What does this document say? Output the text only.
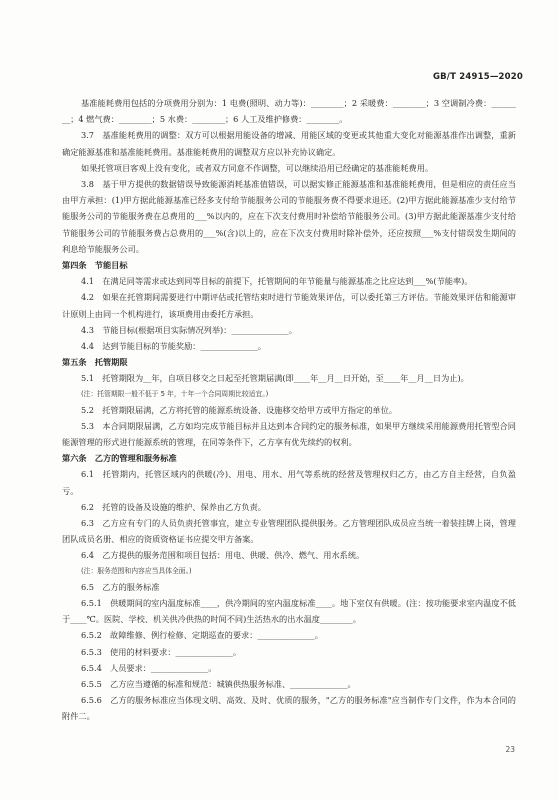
GB/T 24915—2020

基准能耗费用包括的分项费用分别为：1 电费(照明、动力等)：________；2 采暖费：________；3 空调制冷费：________；4 燃气费：________；5 水费：________；6 人工及维护修费：________。

3.7　基准能耗费用的调整：双方可以根据用能设备的增减、用能区域的变更或其他重大变化对能源基准作出调整，重新确定能源基准和基准能耗费用。基准能耗费用的调整双方应以补充协议确定。

如果托管项目客观上没有变化，或者双方同意不作调整，可以继续沿用已经确定的基准能耗费用。

3.8　基于甲方提供的数据错误导致能源消耗基准值错误，可以据实修正能源基准和基准能耗费用，但是相应的责任应当由甲方承担：(1)甲方据此能源基准已经多支付给节能服务公司的节能服务费不得要求退还。(2)甲方据此能源基准少支付给节能服务公司的节能服务费在总费用的___%以内的，应在下次支付费用时补偿给节能服务公司。(3)甲方据此能源基准少支付给节能服务公司的节能服务费占总费用的___%(含)以上的，应在下次支付费用时除补偿外，还应按照___%支付错误发生期间的利息给节能服务公司。

第四条　节能目标

4.1　在满足同等需求或达到同等目标的前提下，托管期间的年节能量与能源基准之比应达到___%(节能率)。

4.2　如果在托管期间需要进行中期评估或托管结束时进行节能效果评估，可以委托第三方评估。节能效果评估和能源审计原则上由同一个机构进行，该项费用由委托方承担。

4.3　节能目标(根据项目实际情况列举)：______________。

4.4　达到节能目标的节能奖励：______________。

第五条　托管期限

5.1　托管期限为__年，自项目移交之日起至托管期届满(即____年__月__日开始，至____年__月__日为止)。

(注：托管期限一般不低于 5 年，十年一个合同周期比较适宜。)

5.2　托管期限届满，乙方将托管的能源系统设备、设施移交给甲方或甲方指定的单位。

5.3　本合同期限届满，乙方如均完成节能目标并且达到本合同约定的服务标准，如果甲方继续采用能源费用托管型合同能源管理的形式进行能源系统的管理，在同等条件下，乙方享有优先续约的权利。

第六条　乙方的管理和服务标准

6.1　托管期内，托管区域内的供暖(冷)、用电、用水、用气等系统的经营及管理权归乙方，由乙方自主经营，自负盈亏。

6.2　托管的设备及设施的维护、保养由乙方负责。

6.3　乙方应有专门的人员负责托管事宜，建立专业管理团队提供服务。乙方管理团队成员应当统一着装挂牌上岗，管理团队成员名册、相应的资质资格证书应提交甲方备案。

6.4　乙方提供的服务范围和项目包括：用电、供暖、供冷、燃气、用水系统。

(注：服务范围和内容应当具体全面。)

6.5　乙方的服务标准

6.5.1　供暖期间的室内温度标准____，供冷期间的室内温度标准____。地下室仅有供暖。(注：按功能要求室内温度不低于____℃。医院、学校、机关供冷供热的时间不同)生活热水的出水温度________。

6.5.2　故障维修、例行检修、定期巡查的要求：______________。

6.5.3　使用的材料要求：______________。

6.5.4　人员要求：______________。

6.5.5　乙方应当遵循的标准和规范：城镇供热服务标准、______________。

6.5.6　乙方的服务标准应当体现文明、高效、及时、优质的服务，"乙方的服务标准"应当制作专门文件，作为本合同的附件二。

23
